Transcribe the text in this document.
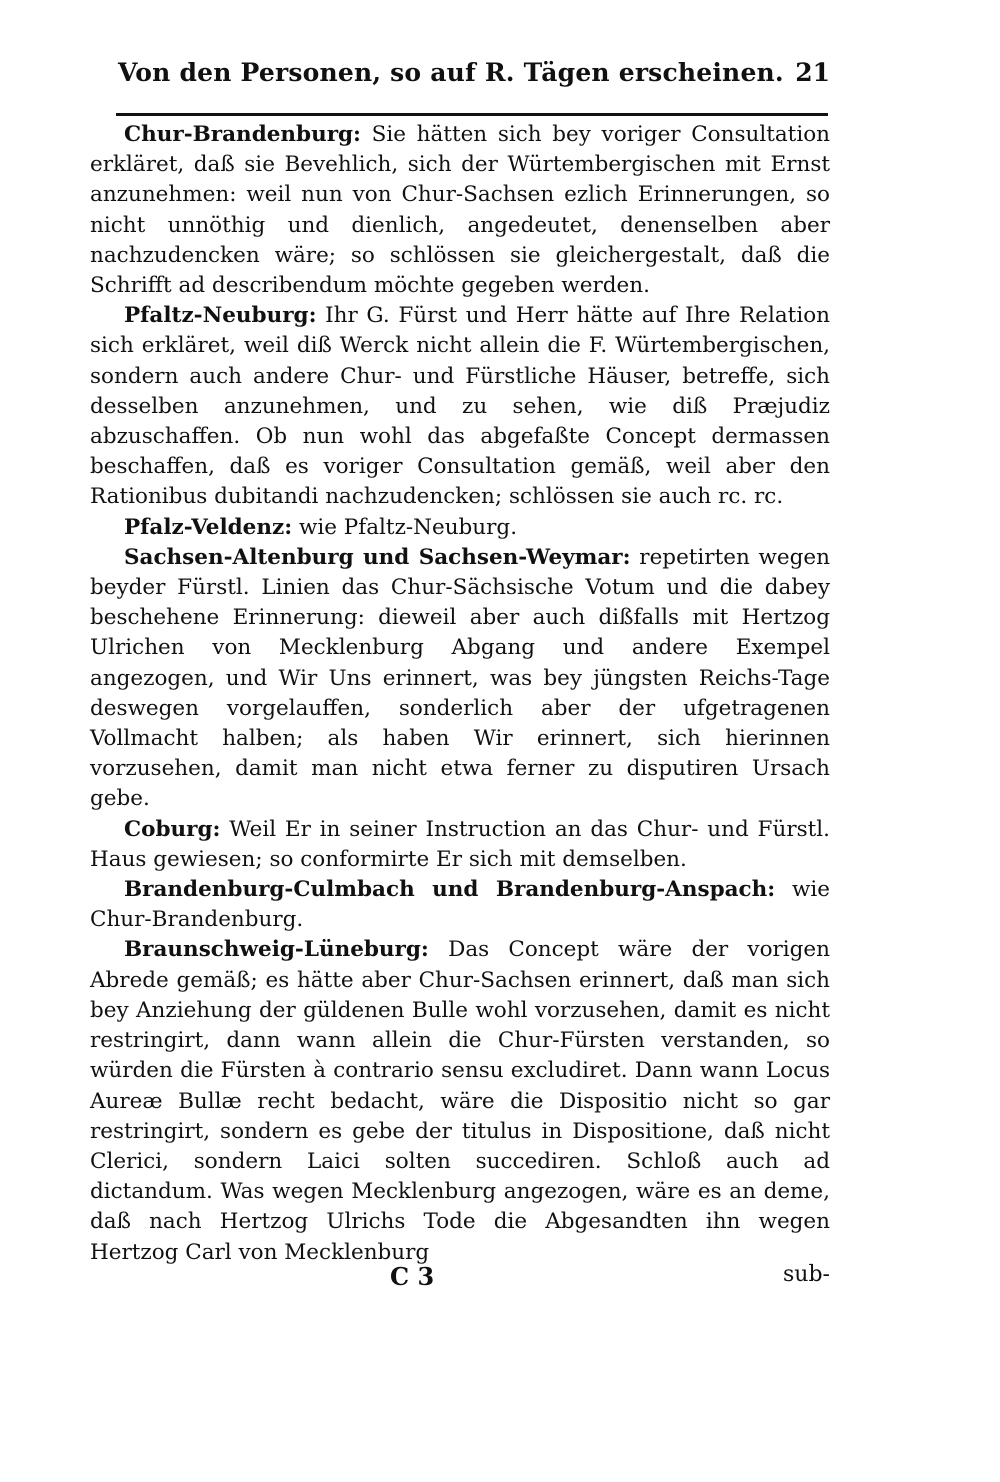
Von den Personen, so auf R. Tägen erscheinen. 21

Chur-Brandenburg: Sie hätten sich bey voriger Consultation erkläret, daß sie Bevehlich, sich der Würtembergischen mit Ernst anzunehmen: weil nun von Chur-Sachsen ezlich Erinnerungen, so nicht unnöthig und dienlich, angedeutet, denenselben aber nachzudencken wäre; so schlössen sie gleichergestalt, daß die Schrifft ad describendum möchte gegeben werden.

Pfaltz-Neuburg: Ihr G. Fürst und Herr hätte auf Ihre Relation sich erkläret, weil diß Werck nicht allein die F. Würtembergischen, sondern auch andere Chur- und Fürstliche Häuser, betreffe, sich desselben anzunehmen, und zu sehen, wie diß Præjudiz abzuschaffen. Ob nun wohl das abgefaßte Concept dermassen beschaffen, daß es voriger Consultation gemäß, weil aber den Rationibus dubitandi nachzudencken; schlössen sie auch rc. rc.

Pfalz-Veldenz: wie Pfaltz-Neuburg.

Sachsen-Altenburg und Sachsen-Weymar: repetirten wegen beyder Fürstl. Linien das Chur-Sächsische Votum und die dabey beschehene Erinnerung: dieweil aber auch dißfalls mit Hertzog Ulrichen von Mecklenburg Abgang und andere Exempel angezogen, und Wir Uns erinnert, was bey jüngsten Reichs-Tage deswegen vorgelauffen, sonderlich aber der ufgetragenen Vollmacht halben; als haben Wir erinnert, sich hierinnen vorzusehen, damit man nicht etwa ferner zu disputiren Ursach gebe.

Coburg: Weil Er in seiner Instruction an das Chur- und Fürstl. Haus gewiesen; so conformirte Er sich mit demselben.

Brandenburg-Culmbach und Brandenburg-Anspach: wie Chur-Brandenburg.

Braunschweig-Lüneburg: Das Concept wäre der vorigen Abrede gemäß; es hätte aber Chur-Sachsen erinnert, daß man sich bey Anziehung der güldenen Bulle wohl vorzusehen, damit es nicht restringirt, dann wann allein die Chur-Fürsten verstanden, so würden die Fürsten à contrario sensu excludiret. Dann wann Locus Aureæ Bullæ recht bedacht, wäre die Dispositio nicht so gar restringirt, sondern es gebe der titulus in Dispositione, daß nicht Clerici, sondern Laici solten succediren. Schloß auch ad dictandum. Was wegen Mecklenburg angezogen, wäre es an deme, daß nach Hertzog Ulrichs Tode die Abgesandten ihn wegen Hertzog Carl von Mecklenburg

C 3	sub-
